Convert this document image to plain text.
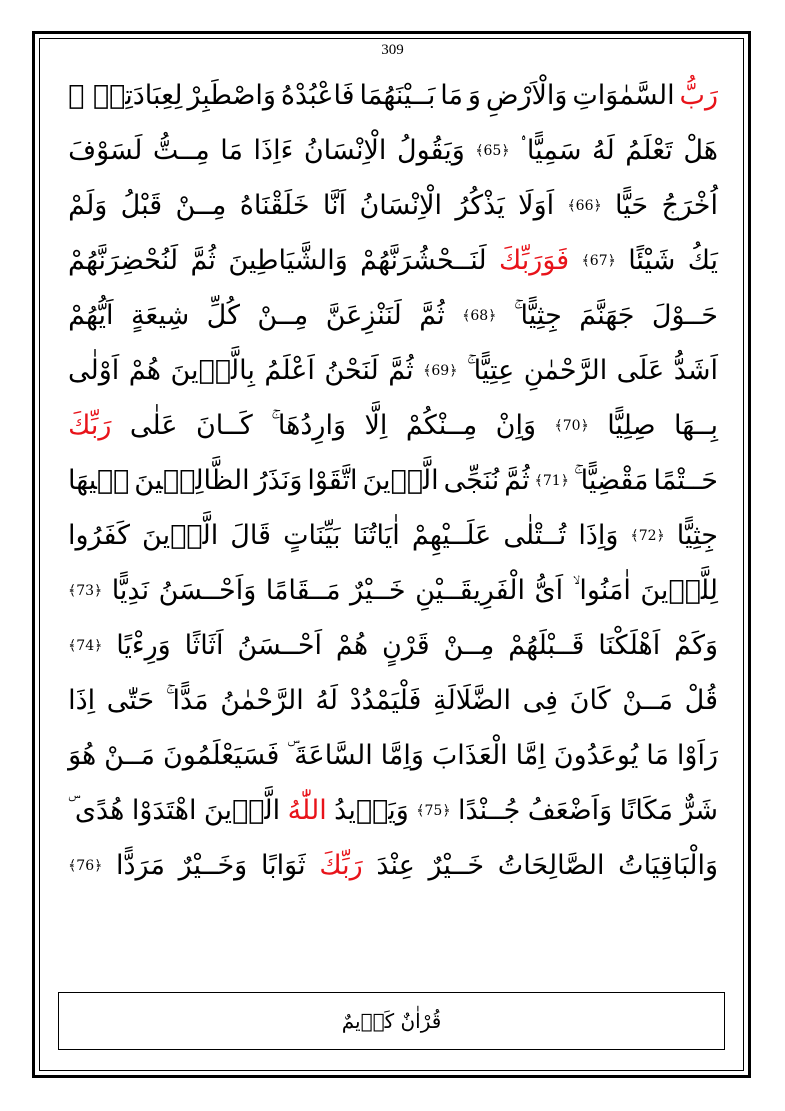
309
رَبُّ
السَّمٰوَاتِ
وَالْاَرْضِ
وَ
مَا
بَــيْنَهُمَا
فَاعْبُدْهُ
وَاصْطَبِرْ
لِعِبَادَتِهٖ ۜ
هَلْ
تَعْلَمُ
لَهُ
سَمِيًّا ۟
﴿65﴾
وَيَقُولُ
الْاِنْسَانُ
ءَاِذَا
مَا
مِــتُّ
لَسَوْفَ
اُخْرَجُ
حَيًّا
﴿66﴾
اَوَلَا
يَذْكُرُ
الْاِنْسَانُ
اَنَّا
خَلَقْنَاهُ
مِــنْ
قَبْلُ
وَلَمْ
يَكُ
شَيْئًا
﴿67﴾
فَوَرَبِّكَ
لَنَــحْشُرَنَّهُمْ
وَالشَّيَاطِينَ
ثُمَّ
لَنُحْضِرَنَّهُمْ
حَــوْلَ
جَهَنَّمَ
جِثِيًّا ۚ
﴿68﴾
ثُمَّ
لَنَنْزِعَنَّ
مِــنْ
كُلِّ
شِيعَةٍ
اَيُّهُمْ
اَشَدُّ
عَلَى
الرَّحْمٰنِ
عِتِيًّا ۚ
﴿69﴾
ثُمَّ
لَنَحْنُ
اَعْلَمُ
بِالَّذٖينَ
هُمْ
اَوْلٰى
بِــهَا
صِلِيًّا
﴿70﴾
وَاِنْ
مِــنْكُمْ
اِلَّا
وَارِدُهَا ۚ
كَــانَ
عَلٰى
رَبِّكَ
حَــتْمًا
مَقْضِيًّا ۚ
﴿71﴾
ثُمَّ
نُنَجِّى
الَّذٖينَ
اتَّقَوْا
وَنَذَرُ
الظَّالِمٖينَ
فٖيهَا
جِثِيًّا
﴿72﴾
وَاِذَا
تُــتْلٰى
عَلَــيْهِمْ
اٰيَاتُنَا
بَيِّنَاتٍ
قَالَ
الَّذٖينَ
كَفَرُوا
لِلَّذٖينَ
اٰمَنُوا ۙ
اَىُّ
الْفَرِيقَــيْنِ
خَــيْرٌ
مَــقَامًا
وَاَحْــسَنُ
نَدِيًّا
﴿73﴾
وَكَمْ
اَهْلَكْنَا
قَــبْلَهُمْ
مِــنْ
قَرْنٍ
هُمْ
اَحْــسَنُ
اَثَاثًا
وَرِءْيًا
﴿74﴾
قُلْ
مَــنْ
كَانَ
فِى
الضَّلَالَةِ
فَلْيَمْدُدْ
لَهُ
الرَّحْمٰنُ
مَدًّا ۚ
حَتّٰى
اِذَا
رَاَوْا
مَا
يُوعَدُونَ
اِمَّا
الْعَذَابَ
وَاِمَّا
السَّاعَةَ ۜ
فَسَيَعْلَمُونَ
مَــنْ
هُوَ
شَرٌّ
مَكَانًا
وَاَضْعَفُ
جُــنْدًا
﴿75﴾
وَيَزٖيدُ
اللّٰهُ
الَّذٖينَ
اهْتَدَوْا
هُدًى ۜ
وَالْبَاقِيَاتُ
الصَّالِحَاتُ
خَــيْرٌ
عِنْدَ
رَبِّكَ
ثَوَابًا
وَخَــيْرٌ
مَرَدًّا
﴿76﴾
قُرْاٰنٌ كَرٖيمٌ
